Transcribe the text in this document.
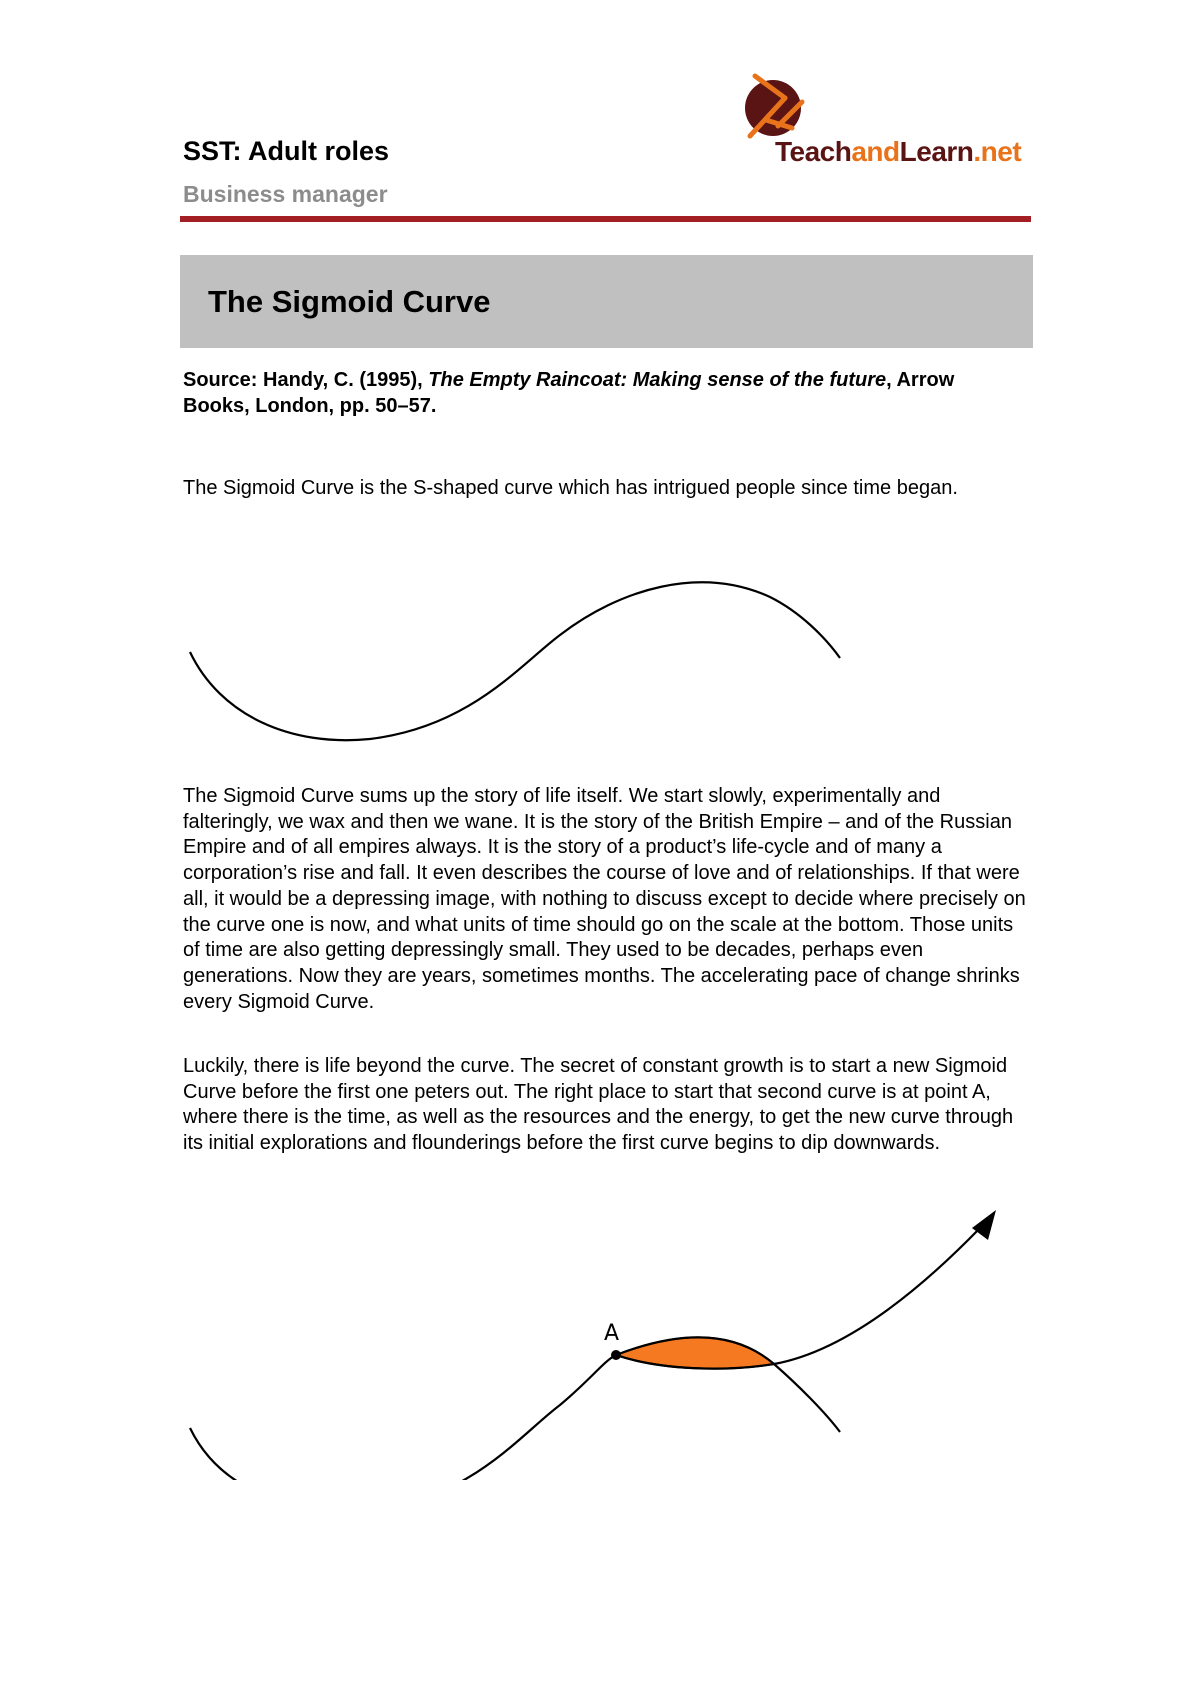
SST: Adult roles
Business manager
TeachandLearn.net
The Sigmoid Curve
Source: Handy, C. (1995), The Empty Raincoat: Making sense of the future, Arrow Books, London, pp. 50–57.

The Sigmoid Curve is the S-shaped curve which has intrigued people since time began.

The Sigmoid Curve sums up the story of life itself. We start slowly, experimentally and falteringly, we wax and then we wane. It is the story of the British Empire – and of the Russian Empire and of all empires always. It is the story of a product’s life-cycle and of many a corporation’s rise and fall. It even describes the course of love and of relationships. If that were all, it would be a depressing image, with nothing to discuss except to decide where precisely on the curve one is now, and what units of time should go on the scale at the bottom. Those units of time are also getting depressingly small. They used to be decades, perhaps even generations. Now they are years, sometimes months. The accelerating pace of change shrinks every Sigmoid Curve.

Luckily, there is life beyond the curve. The secret of constant growth is to start a new Sigmoid Curve before the first one peters out. The right place to start that second curve is at point A, where there is the time, as well as the resources and the energy, to get the new curve through its initial explorations and flounderings before the first curve begins to dip downwards.

A
